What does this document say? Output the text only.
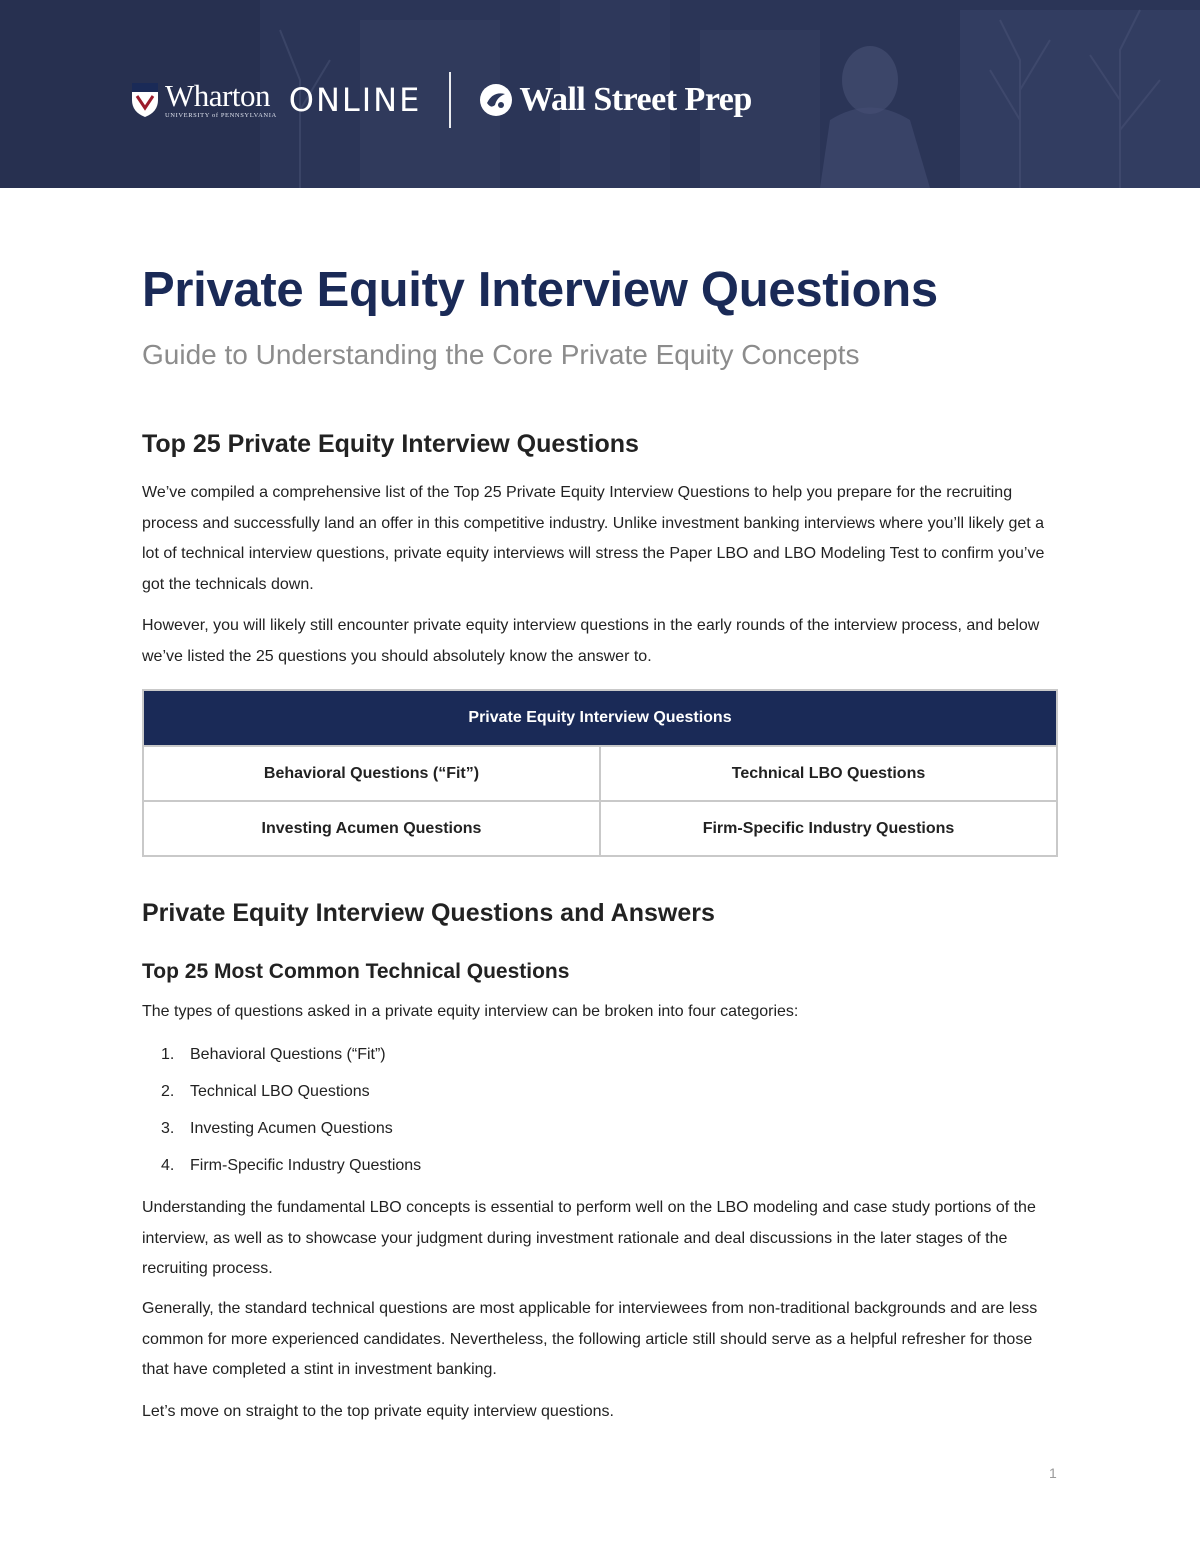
Wharton
UNIVERSITY of PENNSYLVANIA ONLINE	Wall Street Prep
Private Equity Interview Questions
Guide to Understanding the Core Private Equity Concepts
Top 25 Private Equity Interview Questions

We’ve compiled a comprehensive list of the Top 25 Private Equity Interview Questions to help you prepare for the recruiting process and successfully land an offer in this competitive industry. Unlike investment banking interviews where you’ll likely get a lot of technical interview questions, private equity interviews will stress the Paper LBO and LBO Modeling Test to confirm you’ve got the technicals down.

However, you will likely still encounter private equity interview questions in the early rounds of the interview process, and below we’ve listed the 25 questions you should absolutely know the answer to.

Private Equity Interview Questions	
Behavioral Questions (“Fit”)	Technical LBO Questions
Investing Acumen Questions	Firm-Specific Industry Questions
Private Equity Interview Questions and Answers
Top 25 Most Common Technical Questions

The types of questions asked in a private equity interview can be broken into four categories:

1. Behavioral Questions (“Fit”)
2. Technical LBO Questions
3. Investing Acumen Questions
4. Firm-Specific Industry Questions

Understanding the fundamental LBO concepts is essential to perform well on the LBO modeling and case study portions of the interview, as well as to showcase your judgment during investment rationale and deal discussions in the later stages of the recruiting process.

Generally, the standard technical questions are most applicable for interviewees from non-traditional backgrounds and are less common for more experienced candidates. Nevertheless, the following article still should serve as a helpful refresher for those that have completed a stint in investment banking.

Let’s move on straight to the top private equity interview questions.

1
